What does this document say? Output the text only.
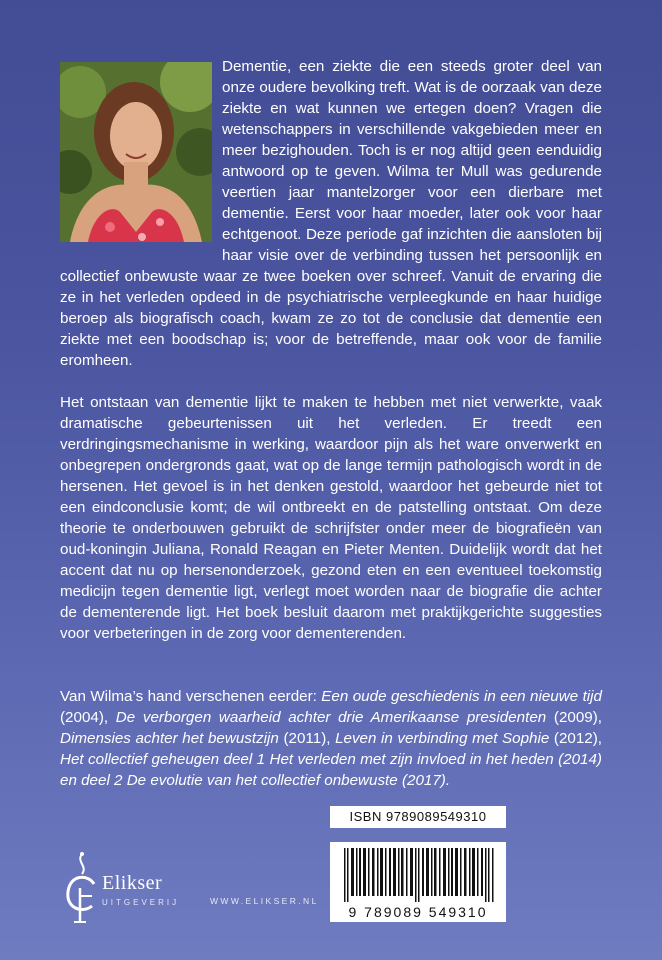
Dementie, een ziekte die een steeds groter deel van onze oudere bevolking treft. Wat is de oorzaak van deze ziekte en wat kunnen we ertegen doen? Vragen die wetenschappers in verschillende vakgebieden meer en meer bezighouden. Toch is er nog altijd geen eenduidig antwoord op te geven. Wilma ter Mull was gedurende veertien jaar mantelzorger voor een dierbare met dementie. Eerst voor haar moeder, later ook voor haar echtgenoot. Deze periode gaf inzichten die aansloten bij haar visie over de verbinding tussen het persoonlijk en collectief onbewuste waar ze twee boeken over schreef. Vanuit de ervaring die ze in het verleden opdeed in de psychiatrische verpleegkunde en haar huidige beroep als biografisch coach, kwam ze zo tot de conclusie dat dementie een ziekte met een boodschap is; voor de betreffende, maar ook voor de familie eromheen.

Het ontstaan van dementie lijkt te maken te hebben met niet verwerkte, vaak dramatische gebeurtenissen uit het verleden. Er treedt een verdringingsmechanisme in werking, waardoor pijn als het ware onverwerkt en onbegrepen ondergronds gaat, wat op de lange termijn pathologisch wordt in de hersenen. Het gevoel is in het denken gestold, waardoor het gebeurde niet tot een eindconclusie komt; de wil ontbreekt en de patstelling ontstaat. Om deze theorie te onderbouwen gebruikt de schrijfster onder meer de biografieën van oud-koningin Juliana, Ronald Reagan en Pieter Menten. Duidelijk wordt dat het accent dat nu op hersenonderzoek, gezond eten en een eventueel toekomstig medicijn tegen dementie ligt, verlegt moet worden naar de biografie die achter de dementerende ligt. Het boek besluit daarom met praktijkgerichte suggesties voor verbeteringen in de zorg voor dementerenden.

Van Wilma’s hand verschenen eerder: Een oude geschiedenis in een nieuwe tijd (2004), De verborgen waarheid achter drie Amerikaanse presidenten (2009), Dimensies achter het bewustzijn (2011), Leven in verbinding met Sophie (2012), Het collectief geheugen deel 1 Het verleden met zijn invloed in het heden (2014) en deel 2 De evolutie van het collectief onbewuste (2017).

ISBN 9789089549310
9 789089 549310
Elikser
UITGEVERIJ	WWW.ELIKSER.NL
